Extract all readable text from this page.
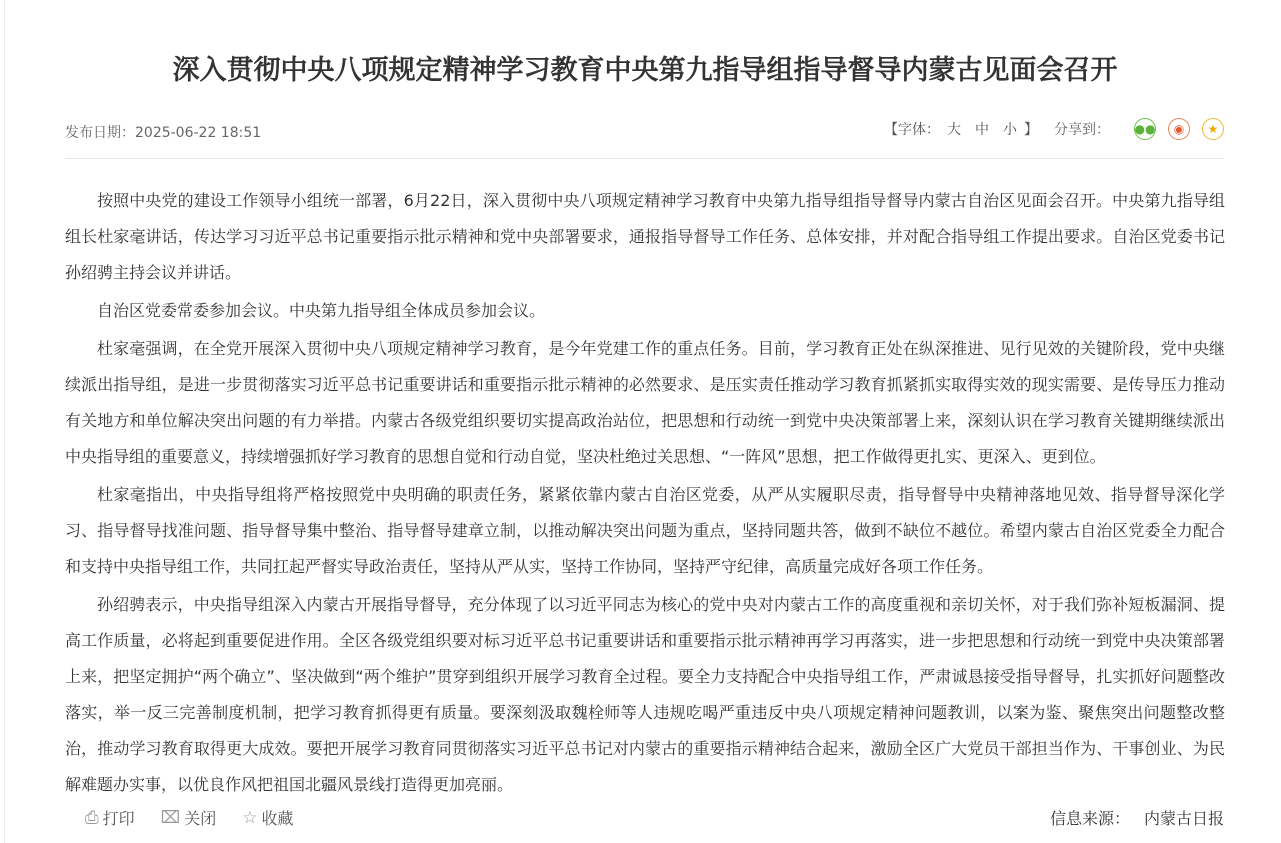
深入贯彻中央八项规定精神学习教育中央第九指导组指导督导内蒙古见面会召开
发布日期：2025-06-22 18:51	【字体： 大 中 小 】 分享到： ●●	◉	★

按照中央党的建设工作领导小组统一部署，6月22日，深入贯彻中央八项规定精神学习教育中央第九指导组指导督导内蒙古自治区见面会召开。中央第九指导组组长杜家毫讲话，传达学习习近平总书记重要指示批示精神和党中央部署要求，通报指导督导工作任务、总体安排，并对配合指导组工作提出要求。自治区党委书记孙绍骋主持会议并讲话。

自治区党委常委参加会议。中央第九指导组全体成员参加会议。

杜家毫强调，在全党开展深入贯彻中央八项规定精神学习教育，是今年党建工作的重点任务。目前，学习教育正处在纵深推进、见行见效的关键阶段，党中央继续派出指导组，是进一步贯彻落实习近平总书记重要讲话和重要指示批示精神的必然要求、是压实责任推动学习教育抓紧抓实取得实效的现实需要、是传导压力推动有关地方和单位解决突出问题的有力举措。内蒙古各级党组织要切实提高政治站位，把思想和行动统一到党中央决策部署上来，深刻认识在学习教育关键期继续派出中央指导组的重要意义，持续增强抓好学习教育的思想自觉和行动自觉，坚决杜绝过关思想、“一阵风”思想，把工作做得更扎实、更深入、更到位。

杜家毫指出，中央指导组将严格按照党中央明确的职责任务，紧紧依靠内蒙古自治区党委，从严从实履职尽责，指导督导中央精神落地见效、指导督导深化学习、指导督导找准问题、指导督导集中整治、指导督导建章立制，以推动解决突出问题为重点，坚持同题共答，做到不缺位不越位。希望内蒙古自治区党委全力配合和支持中央指导组工作，共同扛起严督实导政治责任，坚持从严从实，坚持工作协同，坚持严守纪律，高质量完成好各项工作任务。

孙绍骋表示，中央指导组深入内蒙古开展指导督导，充分体现了以习近平同志为核心的党中央对内蒙古工作的高度重视和亲切关怀，对于我们弥补短板漏洞、提高工作质量，必将起到重要促进作用。全区各级党组织要对标习近平总书记重要讲话和重要指示批示精神再学习再落实，进一步把思想和行动统一到党中央决策部署上来，把坚定拥护“两个确立”、坚决做到“两个维护”贯穿到组织开展学习教育全过程。要全力支持配合中央指导组工作，严肃诚恳接受指导督导，扎实抓好问题整改落实，举一反三完善制度机制，把学习教育抓得更有质量。要深刻汲取魏栓师等人违规吃喝严重违反中央八项规定精神问题教训，以案为鉴、聚焦突出问题整改整治，推动学习教育取得更大成效。要把开展学习教育同贯彻落实习近平总书记对内蒙古的重要指示精神结合起来，激励全区广大党员干部担当作为、干事创业、为民解难题办实事，以优良作风把祖国北疆风景线打造得更加亮丽。

⎙ 打印 ⌧ 关闭 ☆ 收藏	信息来源： 内蒙古日报
